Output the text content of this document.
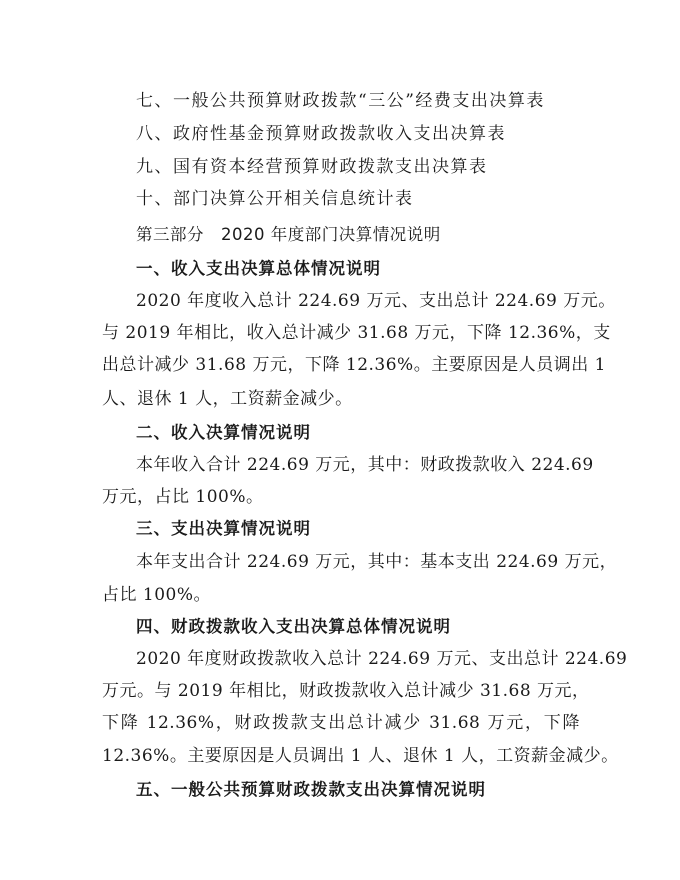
七、一般公共预算财政拨款“三公”经费支出决算表
八、政府性基金预算财政拨款收入支出决算表
九、国有资本经营预算财政拨款支出决算表
十、部门决算公开相关信息统计表
第三部分　2020 年度部门决算情况说明
一、收入支出决算总体情况说明
2020 年度收入总计 224.69 万元、支出总计 224.69 万元。
与 2019 年相比，收入总计减少 31.68 万元，下降 12.36%，支
出总计减少 31.68 万元，下降 12.36%。主要原因是人员调出 1
人、退休 1 人，工资薪金减少。
二、收入决算情况说明
本年收入合计 224.69 万元，其中：财政拨款收入 224.69
万元，占比 100%。
三、支出决算情况说明
本年支出合计 224.69 万元，其中：基本支出 224.69 万元，
占比 100%。
四、财政拨款收入支出决算总体情况说明
2020 年度财政拨款收入总计 224.69 万元、支出总计 224.69
万元。与 2019 年相比，财政拨款收入总计减少 31.68 万元，
下降 12.36%，财政拨款支出总计减少 31.68 万元，下降
12.36%。主要原因是人员调出 1 人、退休 1 人，工资薪金减少。
五、一般公共预算财政拨款支出决算情况说明
